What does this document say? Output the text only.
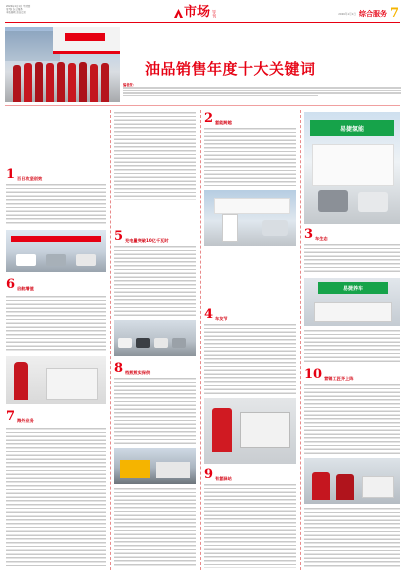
2026年1月1日 星期四
第7版 综合服务
本版编辑 油品资讯	市场 导刊	2026年1月1日 综合服务 7
油品销售年度十大关键词
编者按：
1 百日攻坚创效
6 启航增值
7 海外业务
5 充电量突破10亿千瓦时
8 档煎煎实保供
2 氢能跨越
4 车友节
9 有氢驿站
易捷氢能
3 车生态
易捷养车
10 营销工匠齐上阵
